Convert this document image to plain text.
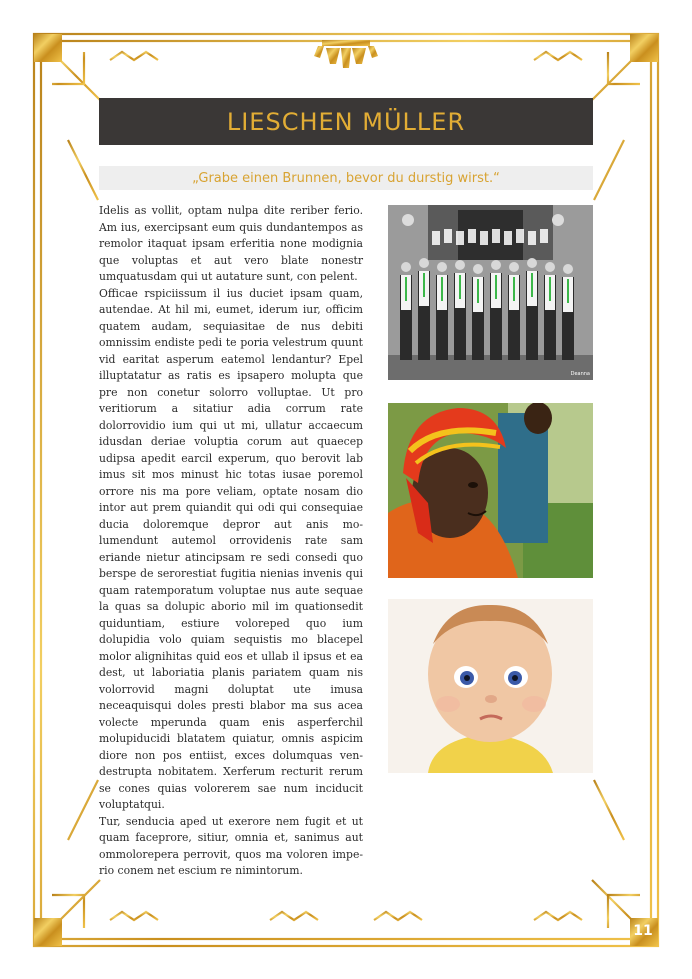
LIESCHEN MÜLLER
„Grabe einen Brunnen, bevor du durstig wirst.“

Idelis as vollit, optam nulpa dite reriber ferio. Am ius, exercipsant eum quis dundantempos as remolor itaquat ipsam erferitia none modignia que voluptas et aut vero blate nonestr umquatusdam qui ut autature sunt, con pelent.

Officae rspiciissum il ius duciet ipsam quam, autendae. At hil mi, eumet, iderum iur, officim quatem audam, sequiasitae de nus debiti omnissim endiste pedi te poria velestrum quunt vid earitat asperum eatemol lendantur? Epel illuptatatur as ratis es ipsapero molupta que pre non conetur solorro volluptae. Ut pro veritiorum a sitatiur adia corrum rate dolorrovidio ium qui ut mi, ullatur accaecum idusdan deriae voluptia corum aut quaecep udipsa apedit earcil experum, quo berovit lab imus sit mos minust hic totas iusae poremol orrore nis ma pore veliam, optate nosam dio intor aut prem quiandit qui odi qui consequiae ducia doloremque depror aut anis molumendunt autemol orrovidenis rate sam eriande nietur atincipsam re sedi consedi quo berspe de serorestiat fugitia nienias invenis qui quam ratemporatum voluptae nus aute sequae la quas sa dolupic aborio mil im quationsedit quiduntiam, estiure voloreped quo ium dolupidia volo quiam sequistis mo blacepel molor alignihitas quid eos et ullab il ipsus et ea dest, ut laboriatia planis pariatem quam nis volorrovid magni doluptat ute imusa neceaquisqui doles presti blabor ma sus acea volecte mperunda quam enis asperferchil molupiducidi blatatem quiatur, omnis aspicim diore non pos entiist, exces dolumquas vendestrupta nobitatem. Xerferum recturit rerum se cones quias volorerem sae num inciducit voluptatqui.

Tur, senducia aped ut exerore nem fugit et ut quam faceprore, sitiur, omnia et, sanimus aut ommolorepera perrovit, quos ma voloren imperio conem net escium re nimintorum.

Deanna
11
